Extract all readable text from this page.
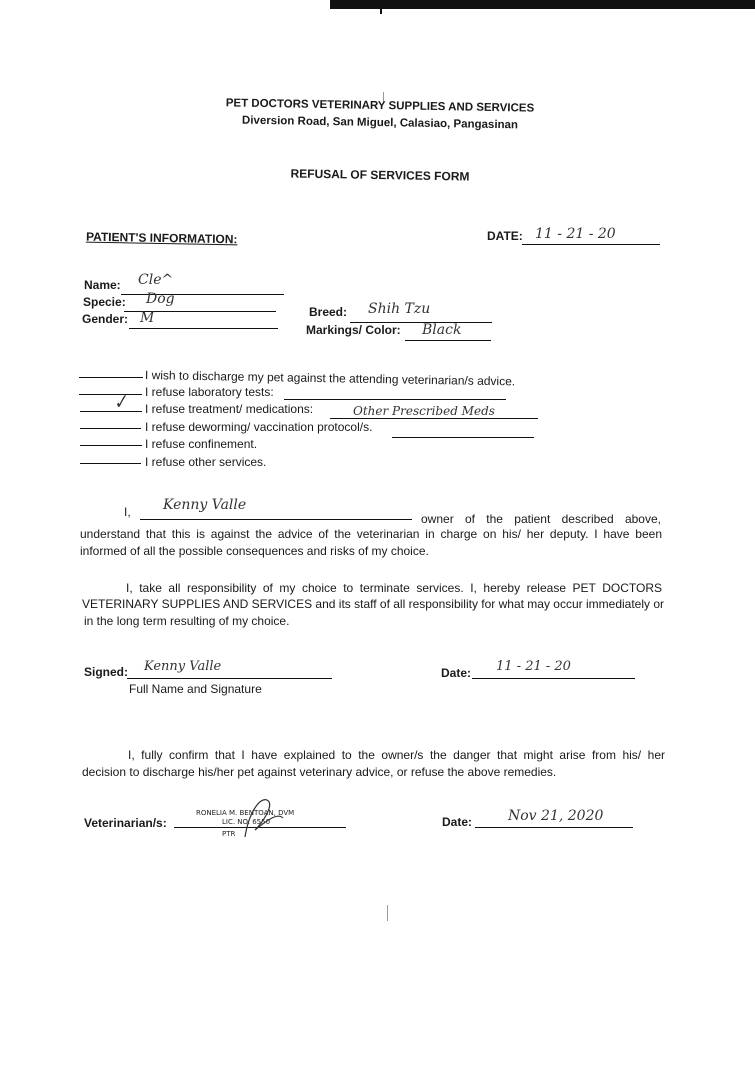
PET DOCTORS VETERINARY SUPPLIES AND SERVICES
Diversion Road, San Miguel, Calasiao, Pangasinan
REFUSAL OF SERVICES FORM
PATIENT'S INFORMATION:	DATE: 11 - 21 - 20
Name: Cle^
Specie: Dog
Gender: M	Breed: Shih Tzu
Markings/ Color: Black
I wish to discharge my pet against the attending veterinarian/s advice.
I refuse laboratory tests:
✓ I refuse treatment/ medications:	Other Prescribed Meds
I refuse deworming/ vaccination protocol/s.
I refuse confinement.
I refuse other services.
I, Kenny Valle
owner of the patient described above,
understand that this is against the advice of the veterinarian in charge on his/ her deputy. I have been informed of all the possible consequences and risks of my choice.
I, take all responsibility of my choice to terminate services. I, hereby release PET DOCTORS
VETERINARY SUPPLIES AND SERVICES and its staff of all responsibility for what may occur immediately or
in the long term resulting of my choice.
Signed: Kenny Valle
Full Name and Signature
Date: 11 - 21 - 20
I, fully confirm that I have explained to the owner/s the danger that might arise from his/ her
decision to discharge his/her pet against veterinary advice, or refuse the above remedies.
Veterinarian/s:
RONELIA M. BENTOAN, DVM
LIC. NO. 6550
PTR
Date:	Nov 21, 2020
